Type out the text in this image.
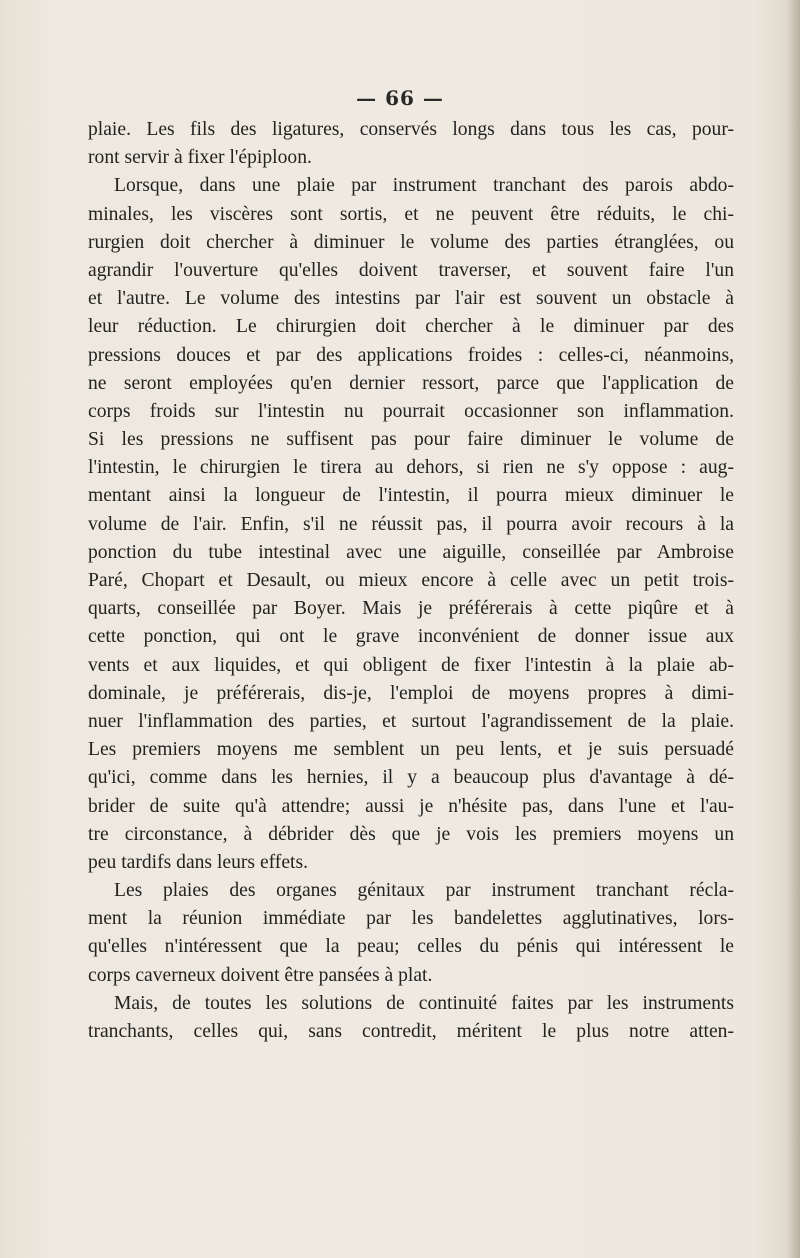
— 66 —
plaie. Les fils des ligatures, conservés longs dans tous les cas, pour-
ront servir à fixer l'épiploon.
Lorsque, dans une plaie par instrument tranchant des parois abdo-
minales, les viscères sont sortis, et ne peuvent être réduits, le chi-
rurgien doit chercher à diminuer le volume des parties étranglées, ou
agrandir l'ouverture qu'elles doivent traverser, et souvent faire l'un
et l'autre. Le volume des intestins par l'air est souvent un obstacle à
leur réduction. Le chirurgien doit chercher à le diminuer par des
pressions douces et par des applications froides : celles-ci, néanmoins,
ne seront employées qu'en dernier ressort, parce que l'application de
corps froids sur l'intestin nu pourrait occasionner son inflammation.
Si les pressions ne suffisent pas pour faire diminuer le volume de
l'intestin, le chirurgien le tirera au dehors, si rien ne s'y oppose : aug-
mentant ainsi la longueur de l'intestin, il pourra mieux diminuer le
volume de l'air. Enfin, s'il ne réussit pas, il pourra avoir recours à la
ponction du tube intestinal avec une aiguille, conseillée par Ambroise
Paré, Chopart et Desault, ou mieux encore à celle avec un petit trois-
quarts, conseillée par Boyer. Mais je préférerais à cette piqûre et à
cette ponction, qui ont le grave inconvénient de donner issue aux
vents et aux liquides, et qui obligent de fixer l'intestin à la plaie ab-
dominale, je préférerais, dis-je, l'emploi de moyens propres à dimi-
nuer l'inflammation des parties, et surtout l'agrandissement de la plaie.
Les premiers moyens me semblent un peu lents, et je suis persuadé
qu'ici, comme dans les hernies, il y a beaucoup plus d'avantage à dé-
brider de suite qu'à attendre; aussi je n'hésite pas, dans l'une et l'au-
tre circonstance, à débrider dès que je vois les premiers moyens un
peu tardifs dans leurs effets.
Les plaies des organes génitaux par instrument tranchant récla-
ment la réunion immédiate par les bandelettes agglutinatives, lors-
qu'elles n'intéressent que la peau; celles du pénis qui intéressent le
corps caverneux doivent être pansées à plat.
Mais, de toutes les solutions de continuité faites par les instruments
tranchants, celles qui, sans contredit, méritent le plus notre atten-
